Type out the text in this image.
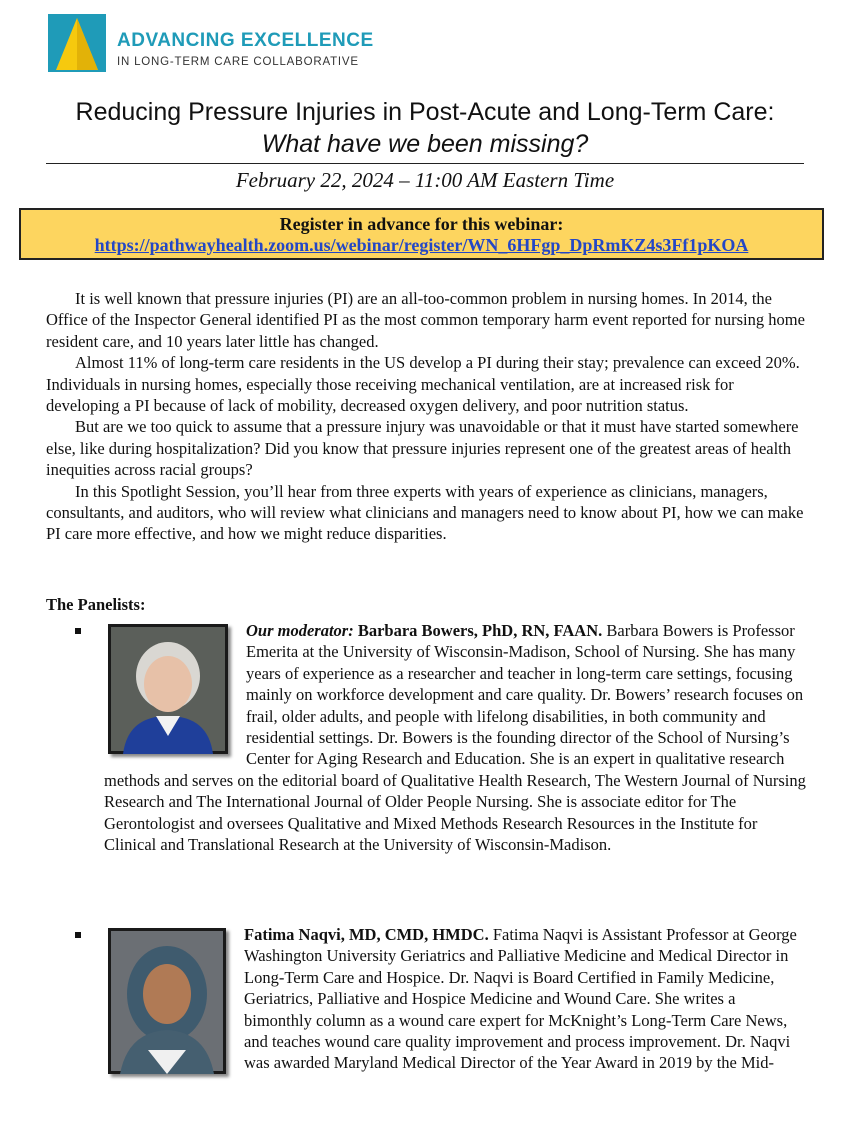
ADVANCING EXCELLENCE
IN LONG-TERM CARE COLLABORATIVE
Reducing Pressure Injuries in Post-Acute and Long-Term Care:
What have we been missing?
February 22, 2024 – 11:00 AM Eastern Time
Register in advance for this webinar:
https://pathwayhealth.zoom.us/webinar/register/WN_6HFgp_DpRmKZ4s3Ff1pKOA

It is well known that pressure injuries (PI) are an all-too-common problem in nursing homes. In 2014, the Office of the Inspector General identified PI as the most common temporary harm event reported for nursing home resident care, and 10 years later little has changed.

Almost 11% of long-term care residents in the US develop a PI during their stay; prevalence can exceed 20%. Individuals in nursing homes, especially those receiving mechanical ventilation, are at increased risk for developing a PI because of lack of mobility, decreased oxygen delivery, and poor nutrition status.

But are we too quick to assume that a pressure injury was unavoidable or that it must have started somewhere else, like during hospitalization? Did you know that pressure injuries represent one of the greatest areas of health inequities across racial groups?

In this Spotlight Session, you’ll hear from three experts with years of experience as clinicians, managers, consultants, and auditors, who will review what clinicians and managers need to know about PI, how we can make PI care more effective, and how we might reduce disparities.

The Panelists:
Our moderator: Barbara Bowers, PhD, RN, FAAN. Barbara Bowers is Professor Emerita at the University of Wisconsin-Madison, School of Nursing. She has many years of experience as a researcher and teacher in long-term care settings, focusing mainly on workforce development and care quality. Dr. Bowers’ research focuses on frail, older adults, and people with lifelong disabilities, in both community and residential settings. Dr. Bowers is the founding director of the School of Nursing’s Center for Aging Research and Education. She is an expert in qualitative research methods and serves on the editorial board of Qualitative Health Research, The Western Journal of Nursing Research and The International Journal of Older People Nursing. She is associate editor for The Gerontologist and oversees Qualitative and Mixed Methods Research Resources in the Institute for Clinical and Translational Research at the University of Wisconsin-Madison.
Fatima Naqvi, MD, CMD, HMDC. Fatima Naqvi is Assistant Professor at George Washington University Geriatrics and Palliative Medicine and Medical Director in Long-Term Care and Hospice. Dr. Naqvi is Board Certified in Family Medicine, Geriatrics, Palliative and Hospice Medicine and Wound Care. She writes a bimonthly column as a wound care expert for McKnight’s Long-Term Care News, and teaches wound care quality improvement and process improvement. Dr. Naqvi was awarded Maryland Medical Director of the Year Award in 2019 by the Mid-
